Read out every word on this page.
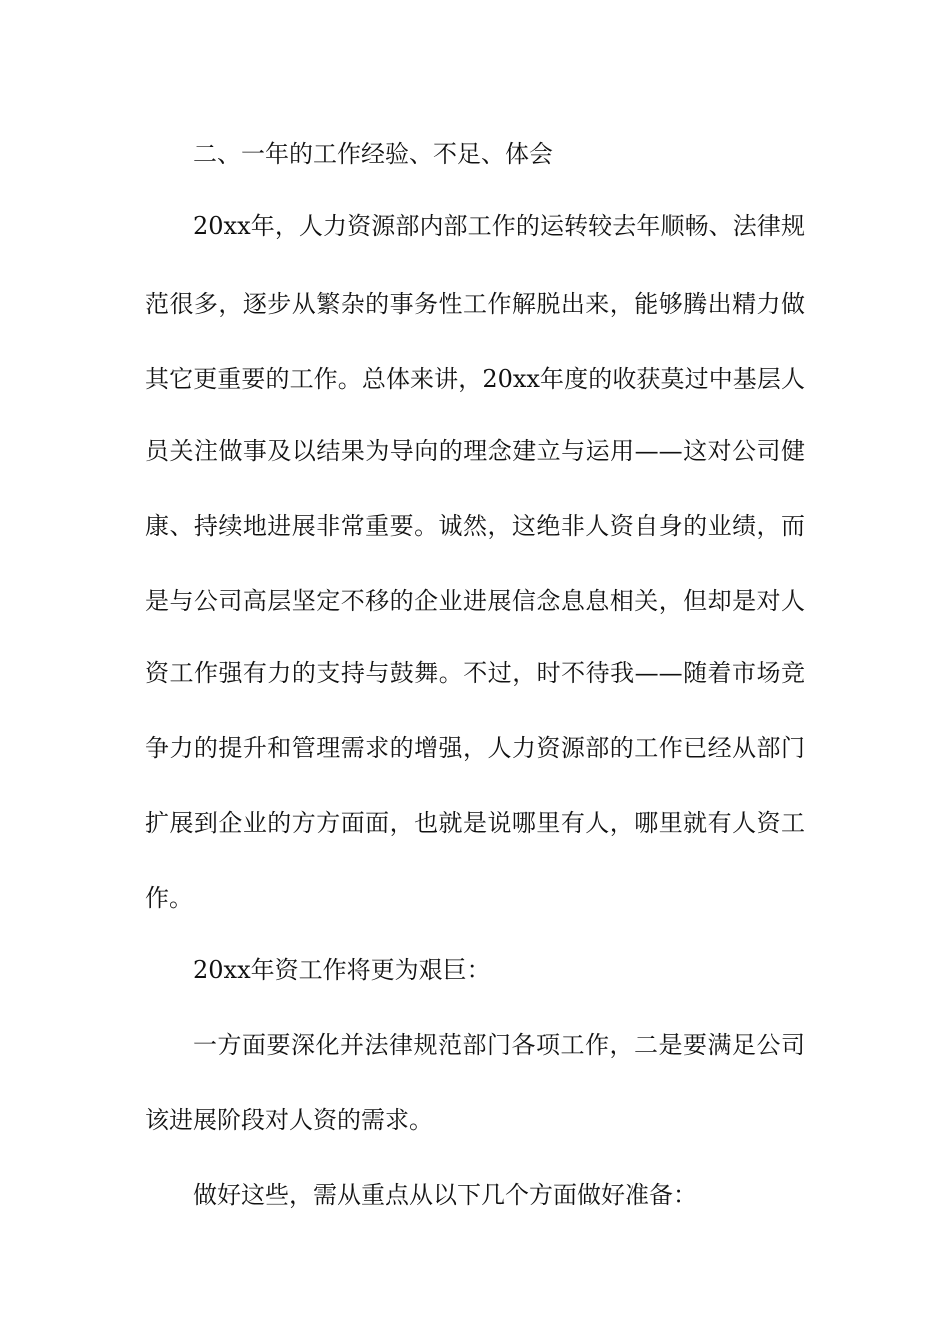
二、一年的工作经验、不足、体会
20xx年，人力资源部内部工作的运转较去年顺畅、法律规
范很多，逐步从繁杂的事务性工作解脱出来，能够腾出精力做
其它更重要的工作。总体来讲，20xx年度的收获莫过中基层人
员关注做事及以结果为导向的理念建立与运用——这对公司健
康、持续地进展非常重要。诚然，这绝非人资自身的业绩，而
是与公司高层坚定不移的企业进展信念息息相关，但却是对人
资工作强有力的支持与鼓舞。不过，时不待我——随着市场竞
争力的提升和管理需求的增强，人力资源部的工作已经从部门
扩展到企业的方方面面，也就是说哪里有人，哪里就有人资工
作。
20xx年资工作将更为艰巨：
一方面要深化并法律规范部门各项工作，二是要满足公司
该进展阶段对人资的需求。
做好这些，需从重点从以下几个方面做好准备：
